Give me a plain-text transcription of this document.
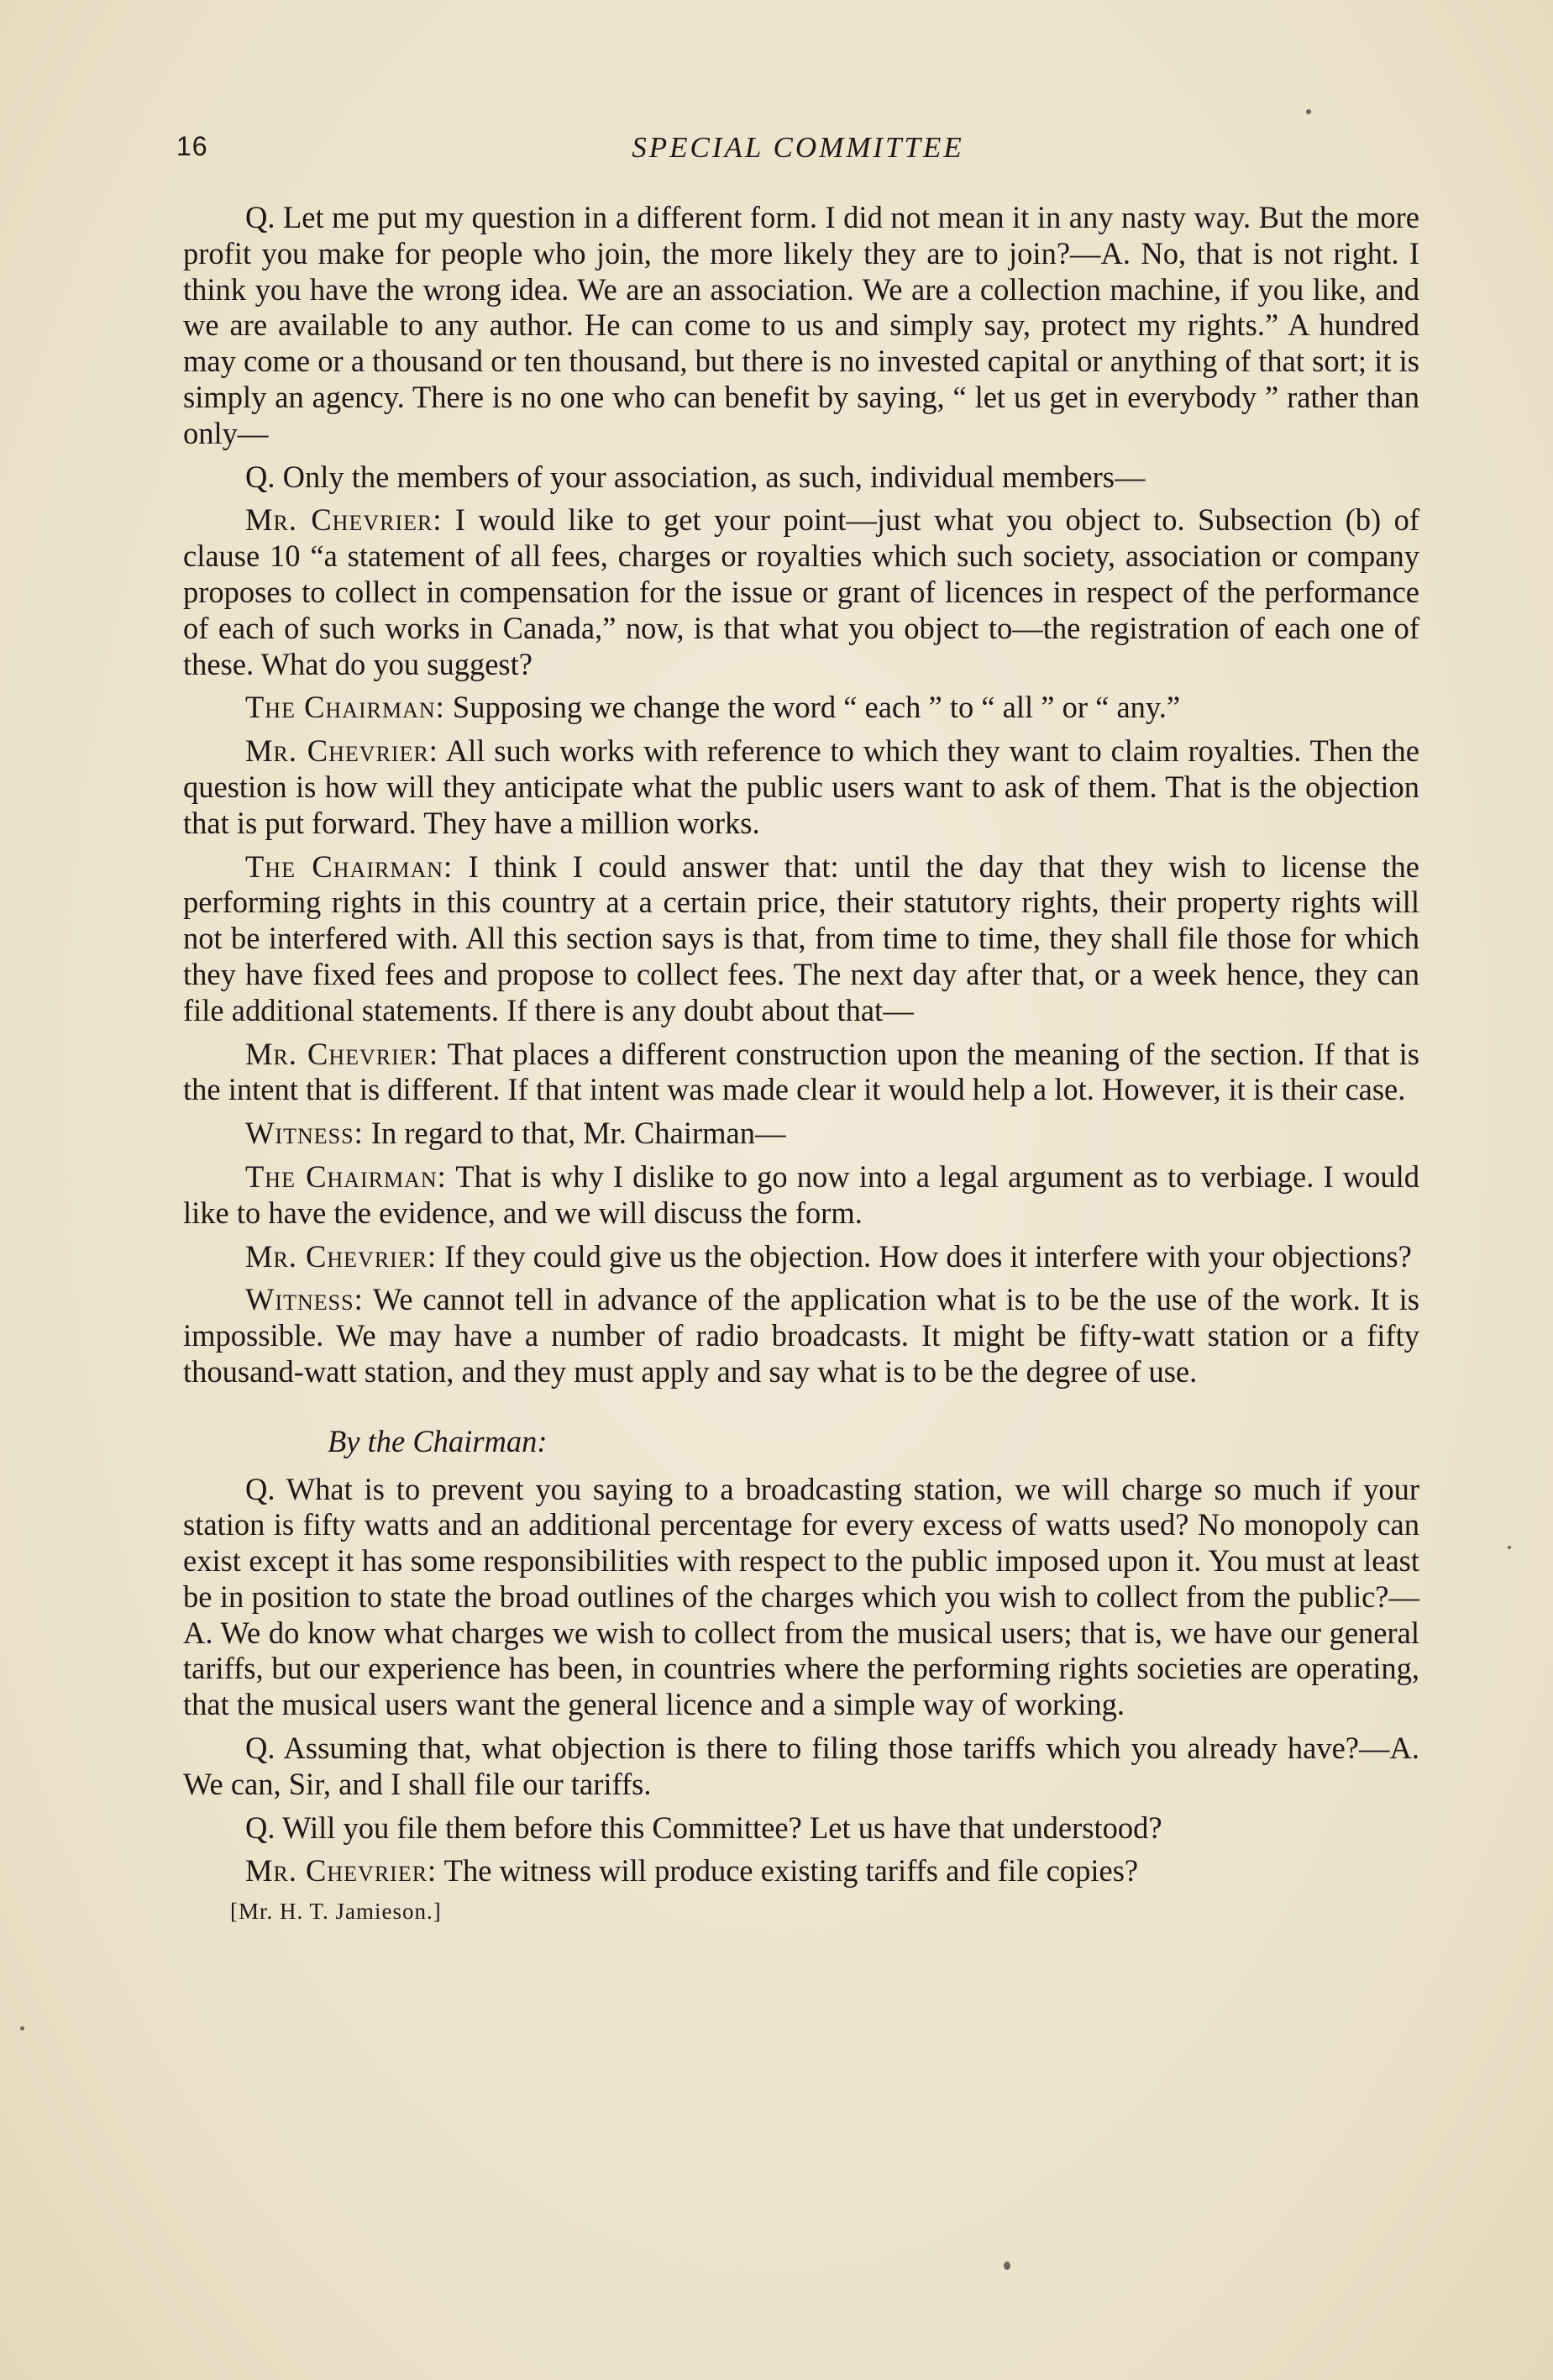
16	SPECIAL COMMITTEE

Q. Let me put my question in a different form. I did not mean it in any nasty way. But the more profit you make for people who join, the more likely they are to join?—A. No, that is not right. I think you have the wrong idea. We are an association. We are a collection machine, if you like, and we are available to any author. He can come to us and simply say, protect my rights.” A hundred may come or a thousand or ten thousand, but there is no invested capital or anything of that sort; it is simply an agency. There is no one who can benefit by saying, “ let us get in everybody ” rather than only—

Q. Only the members of your association, as such, individual members—

Mr. Chevrier: I would like to get your point—just what you object to. Subsection (b) of clause 10 “a statement of all fees, charges or royalties which such society, association or company proposes to collect in compensation for the issue or grant of licences in respect of the performance of each of such works in Canada,” now, is that what you object to—the registration of each one of these. What do you suggest?

The Chairman: Supposing we change the word “ each ” to “ all ” or “ any.”

Mr. Chevrier: All such works with reference to which they want to claim royalties. Then the question is how will they anticipate what the public users want to ask of them. That is the objection that is put forward. They have a million works.

The Chairman: I think I could answer that: until the day that they wish to license the performing rights in this country at a certain price, their statutory rights, their property rights will not be interfered with. All this section says is that, from time to time, they shall file those for which they have fixed fees and propose to collect fees. The next day after that, or a week hence, they can file additional statements. If there is any doubt about that—

Mr. Chevrier: That places a different construction upon the meaning of the section. If that is the intent that is different. If that intent was made clear it would help a lot. However, it is their case.

Witness: In regard to that, Mr. Chairman—

The Chairman: That is why I dislike to go now into a legal argument as to verbiage. I would like to have the evidence, and we will discuss the form.

Mr. Chevrier: If they could give us the objection. How does it interfere with your objections?

Witness: We cannot tell in advance of the application what is to be the use of the work. It is impossible. We may have a number of radio broadcasts. It might be fifty-watt station or a fifty thousand-watt station, and they must apply and say what is to be the degree of use.

By the Chairman:

Q. What is to prevent you saying to a broadcasting station, we will charge so much if your station is fifty watts and an additional percentage for every excess of watts used? No monopoly can exist except it has some responsibilities with respect to the public imposed upon it. You must at least be in position to state the broad outlines of the charges which you wish to collect from the public?—A. We do know what charges we wish to collect from the musical users; that is, we have our general tariffs, but our experience has been, in countries where the performing rights societies are operating, that the musical users want the general licence and a simple way of working.

Q. Assuming that, what objection is there to filing those tariffs which you already have?—A. We can, Sir, and I shall file our tariffs.

Q. Will you file them before this Committee? Let us have that understood?

Mr. Chevrier: The witness will produce existing tariffs and file copies?

[Mr. H. T. Jamieson.]
